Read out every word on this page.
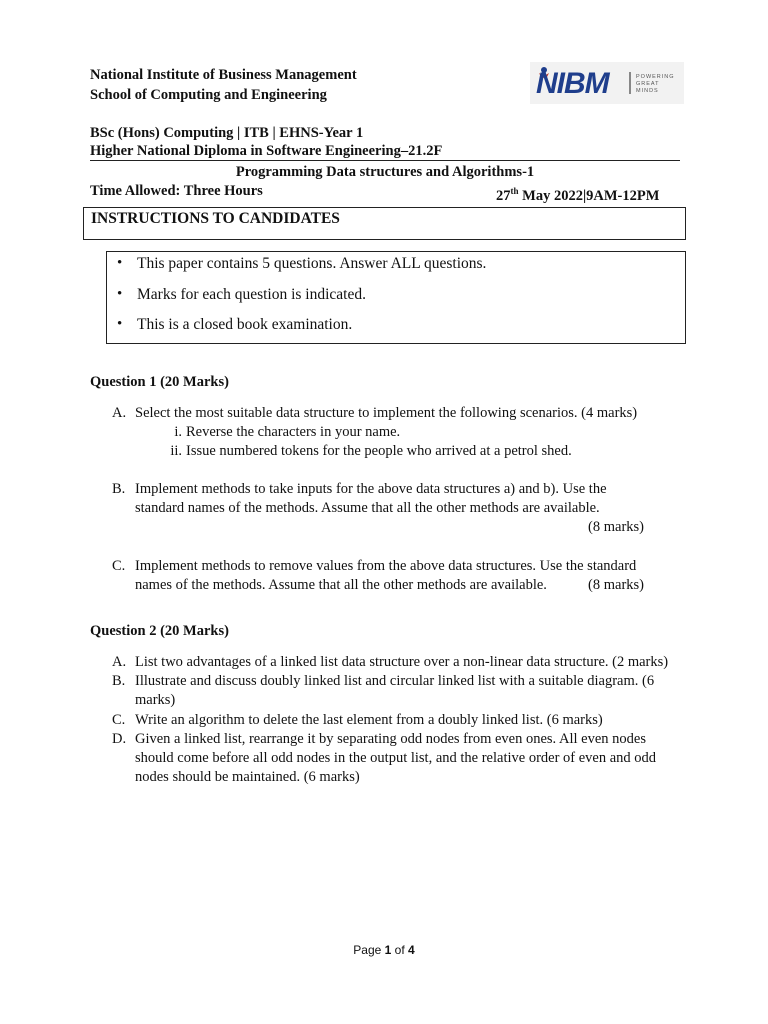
National Institute of Business Management
School of Computing and Engineering	NIBM	POWERING
GREAT
MINDS
BSc (Hons) Computing | ITB | EHNS-Year 1
Higher National Diploma in Software Engineering–21.2F
Programming Data structures and Algorithms-1
Time Allowed: Three Hours	27th May 2022|9AM-12PM
INSTRUCTIONS TO CANDIDATES
• This paper contains 5 questions. Answer ALL questions.
• Marks for each question is indicated.
• This is a closed book examination.
Question 1 (20 Marks)
A. Select the most suitable data structure to implement the following scenarios. (4 marks)
i. Reverse the characters in your name.
ii. Issue numbered tokens for the people who arrived at a petrol shed.
B. Implement methods to take inputs for the above data structures a) and b). Use the
standard names of the methods. Assume that all the other methods are available.
(8 marks)
C. Implement methods to remove values from the above data structures. Use the standard
names of the methods. Assume that all the other methods are available.	(8 marks)
Question 2 (20 Marks)
A. List two advantages of a linked list data structure over a non-linear data structure. (2 marks)
B. Illustrate and discuss doubly linked list and circular linked list with a suitable diagram. (6 marks)
C. Write an algorithm to delete the last element from a doubly linked list. (6 marks)
D. Given a linked list, rearrange it by separating odd nodes from even ones. All even nodes should come before all odd nodes in the output list, and the relative order of even and odd nodes should be maintained. (6 marks)
Page 1 of 4
